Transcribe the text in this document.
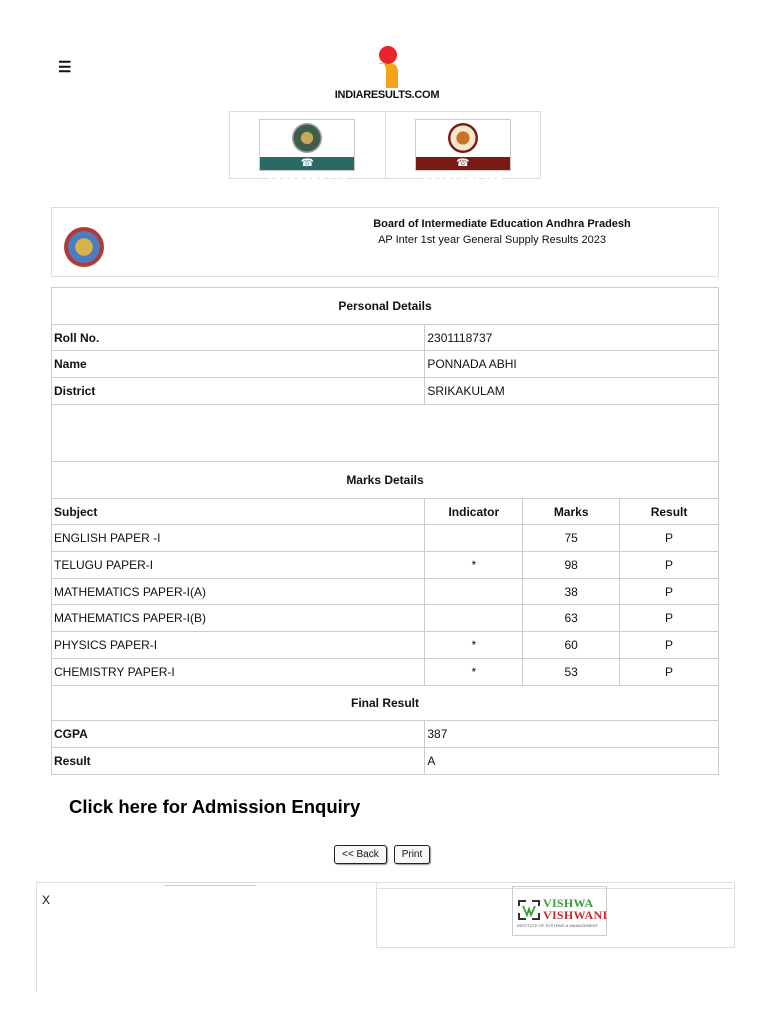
☰
INDIARESULTS.COM
☎ 08035018446
☎ 08035018452
Board of Intermediate Education Andhra Pradesh
AP Inter 1st year General Supply Results 2023
Personal Details			
Roll No.	2301118737		
Name	PONNADA ABHI		
District	SRIKAKULAM		

Marks Details			
Subject	Indicator	Marks	Result
ENGLISH PAPER -I		75	P
TELUGU PAPER-I	*	98	P
MATHEMATICS PAPER-I(A)		38	P
MATHEMATICS PAPER-I(B)		63	P
PHYSICS PAPER-I	*	60	P
CHEMISTRY PAPER-I	*	53	P
Final Result			
CGPA	387		
Result	A		
Click here for Admission Enquiry
<< Back	Print
X	VISHWA
VISHWANI
INSTITUTE OF SYSTEMS & MANAGEMENT
